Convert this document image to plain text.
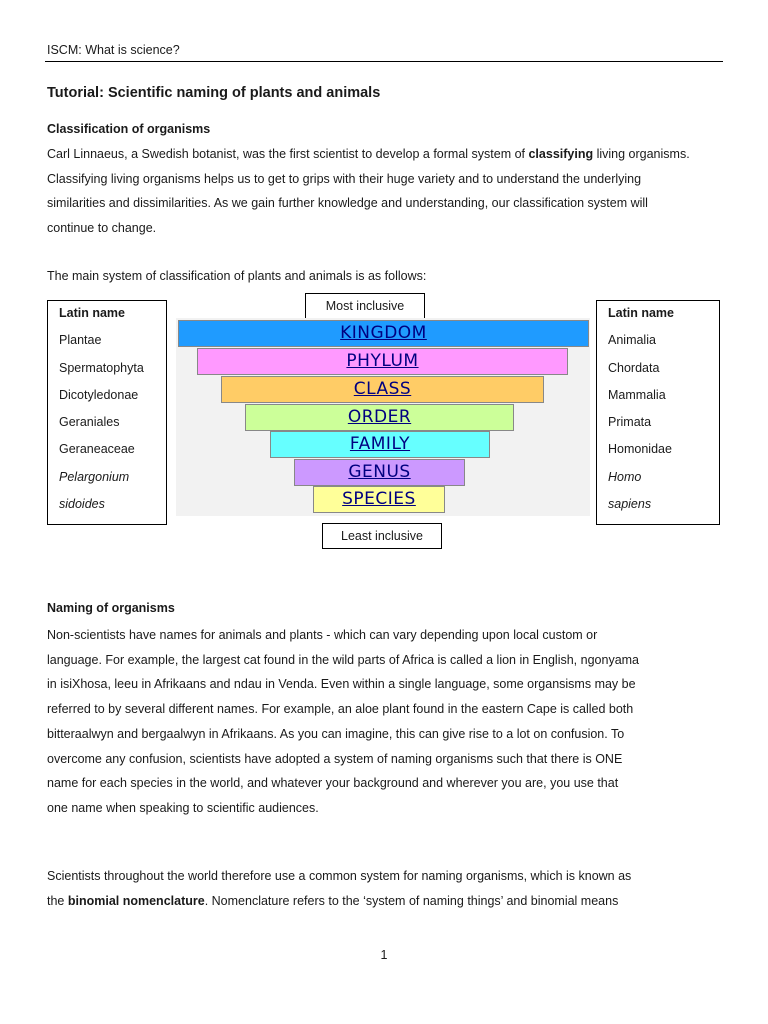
ISCM: What is science?
Tutorial: Scientific naming of plants and animals
Classification of organisms
Carl Linnaeus, a Swedish botanist, was the first scientist to develop a formal system of classifying living organisms.
Classifying living organisms helps us to get to grips with their huge variety and to understand the underlying
similarities and dissimilarities. As we gain further knowledge and understanding, our classification system will
continue to change.
The main system of classification of plants and animals is as follows:
Latin name
Plantae
Spermatophyta
Dicotyledonae
Geraniales
Geraneaceae
Pelargonium
sidoides
Latin name
Animalia
Chordata
Mammalia
Primata
Homonidae
Homo
sapiens
Most inclusive
KINGDOM
PHYLUM
CLASS
ORDER
FAMILY
GENUS
SPECIES
Least inclusive
Naming of organisms
Non-scientists have names for animals and plants - which can vary depending upon local custom or
language. For example, the largest cat found in the wild parts of Africa is called a lion in English, ngonyama
in isiXhosa, leeu in Afrikaans and ndau in Venda. Even within a single language, some organsisms may be
referred to by several different names. For example, an aloe plant found in the eastern Cape is called both
bitteraalwyn and bergaalwyn in Afrikaans. As you can imagine, this can give rise to a lot on confusion. To
overcome any confusion, scientists have adopted a system of naming organisms such that there is ONE
name for each species in the world, and whatever your background and wherever you are, you use that
one name when speaking to scientific audiences.
Scientists throughout the world therefore use a common system for naming organisms, which is known as
the binomial nomenclature. Nomenclature refers to the ‘system of naming things’ and binomial means
1
